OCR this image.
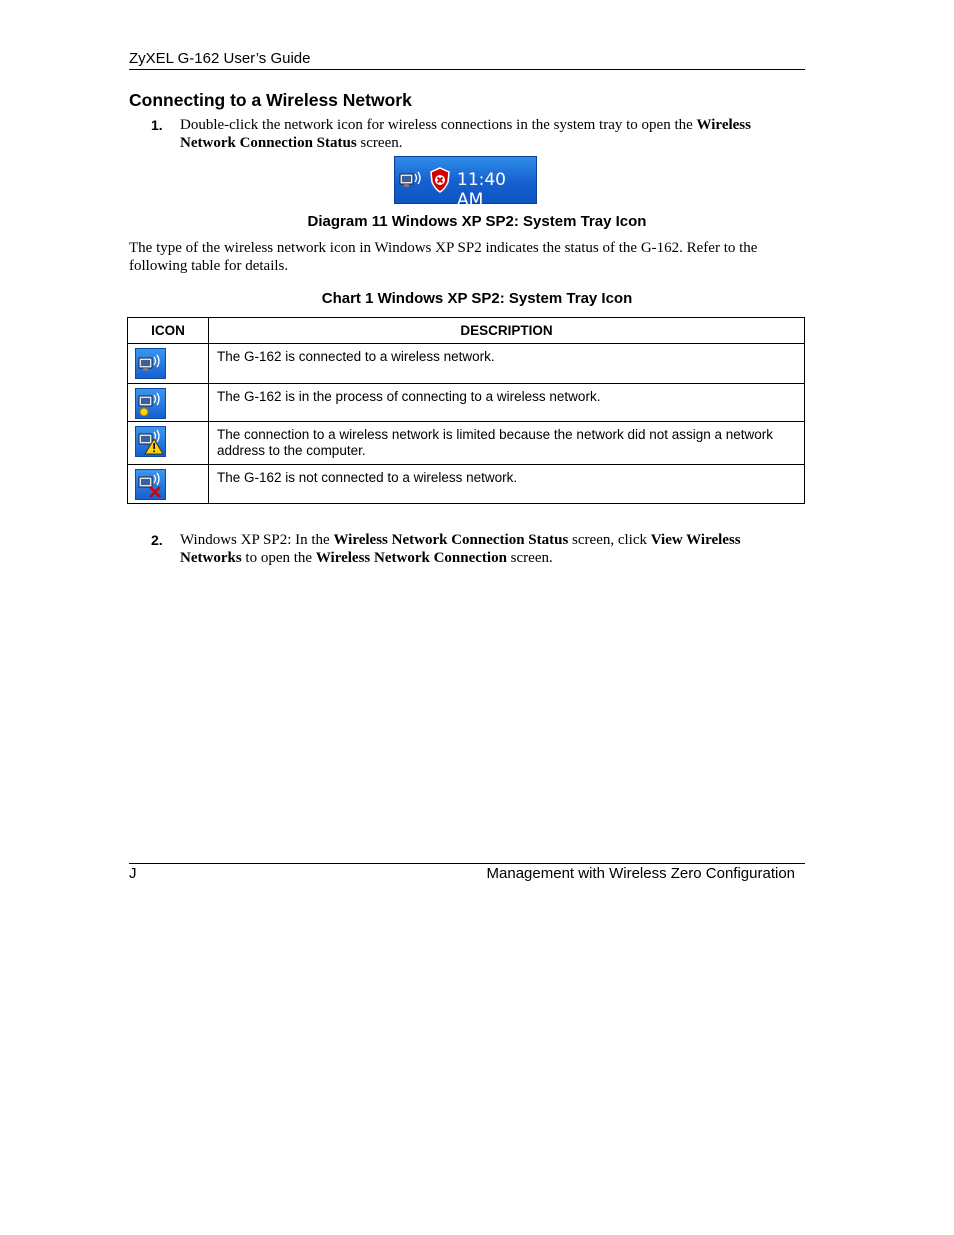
ZyXEL G-162 User’s Guide
Connecting to a Wireless Network
1. Double-click the network icon for wireless connections in the system tray to open the Wireless Network Connection Status screen.
11:40 AM
Diagram 11 Windows XP SP2: System Tray Icon
The type of the wireless network icon in Windows XP SP2 indicates the status of the G-162. Refer to the following table for details.
Chart 1 Windows XP SP2: System Tray Icon
ICON	DESCRIPTION

	The G-162 is connected to a wireless network.

	The G-162 is in the process of connecting to a wireless network.

	The connection to a wireless network is limited because the network did not assign a network address to the computer.

	The G-162 is not connected to a wireless network.
2. Windows XP SP2: In the Wireless Network Connection Status screen, click View Wireless Networks to open the Wireless Network Connection screen.
J	Management with Wireless Zero Configuration
